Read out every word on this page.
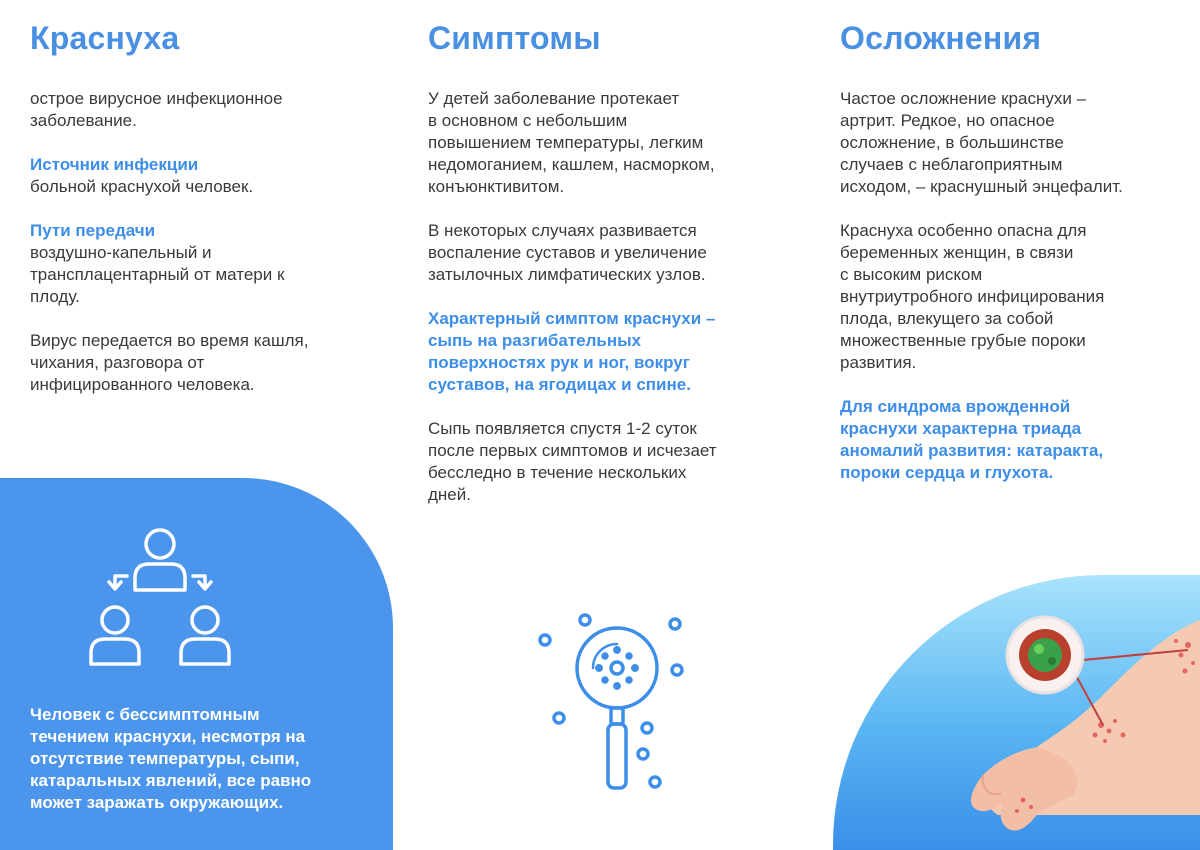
Краснуха

острое вирусное инфекционное
заболевание.

Источник инфекции
больной краснухой человек.

Пути передачи
воздушно-капельный и
трансплацентарный от матери к
плоду.

Вирус передается во время кашля,
чихания, разговора от
инфицированного человека.

Симптомы

У детей заболевание протекает
в основном с небольшим
повышением температуры, легким
недомоганием, кашлем, насморком,
конъюнктивитом.

В некоторых случаях развивается
воспаление суставов и увеличение
затылочных лимфатических узлов.

Характерный симптом краснухи –
сыпь на разгибательных
поверхностях рук и ног, вокруг
суставов, на ягодицах и спине.

Сыпь появляется спустя 1-2 суток
после первых симптомов и исчезает
бесследно в течение нескольких
дней.

Осложнения

Частое осложнение краснухи –
артрит. Редкое, но опасное
осложнение, в большинстве
случаев с неблагоприятным
исходом, – краснушный энцефалит.

Краснуха особенно опасна для
беременных женщин, в связи
с высоким риском
внутриутробного инфицирования
плода, влекущего за собой
множественные грубые пороки
развития.

Для синдрома врожденной
краснухи характерна триада
аномалий развития: катаракта,
пороки сердца и глухота.

Человек с бессимптомным
течением краснухи, несмотря на
отсутствие температуры, сыпи,
катаральных явлений, все равно
может заражать окружающих.
